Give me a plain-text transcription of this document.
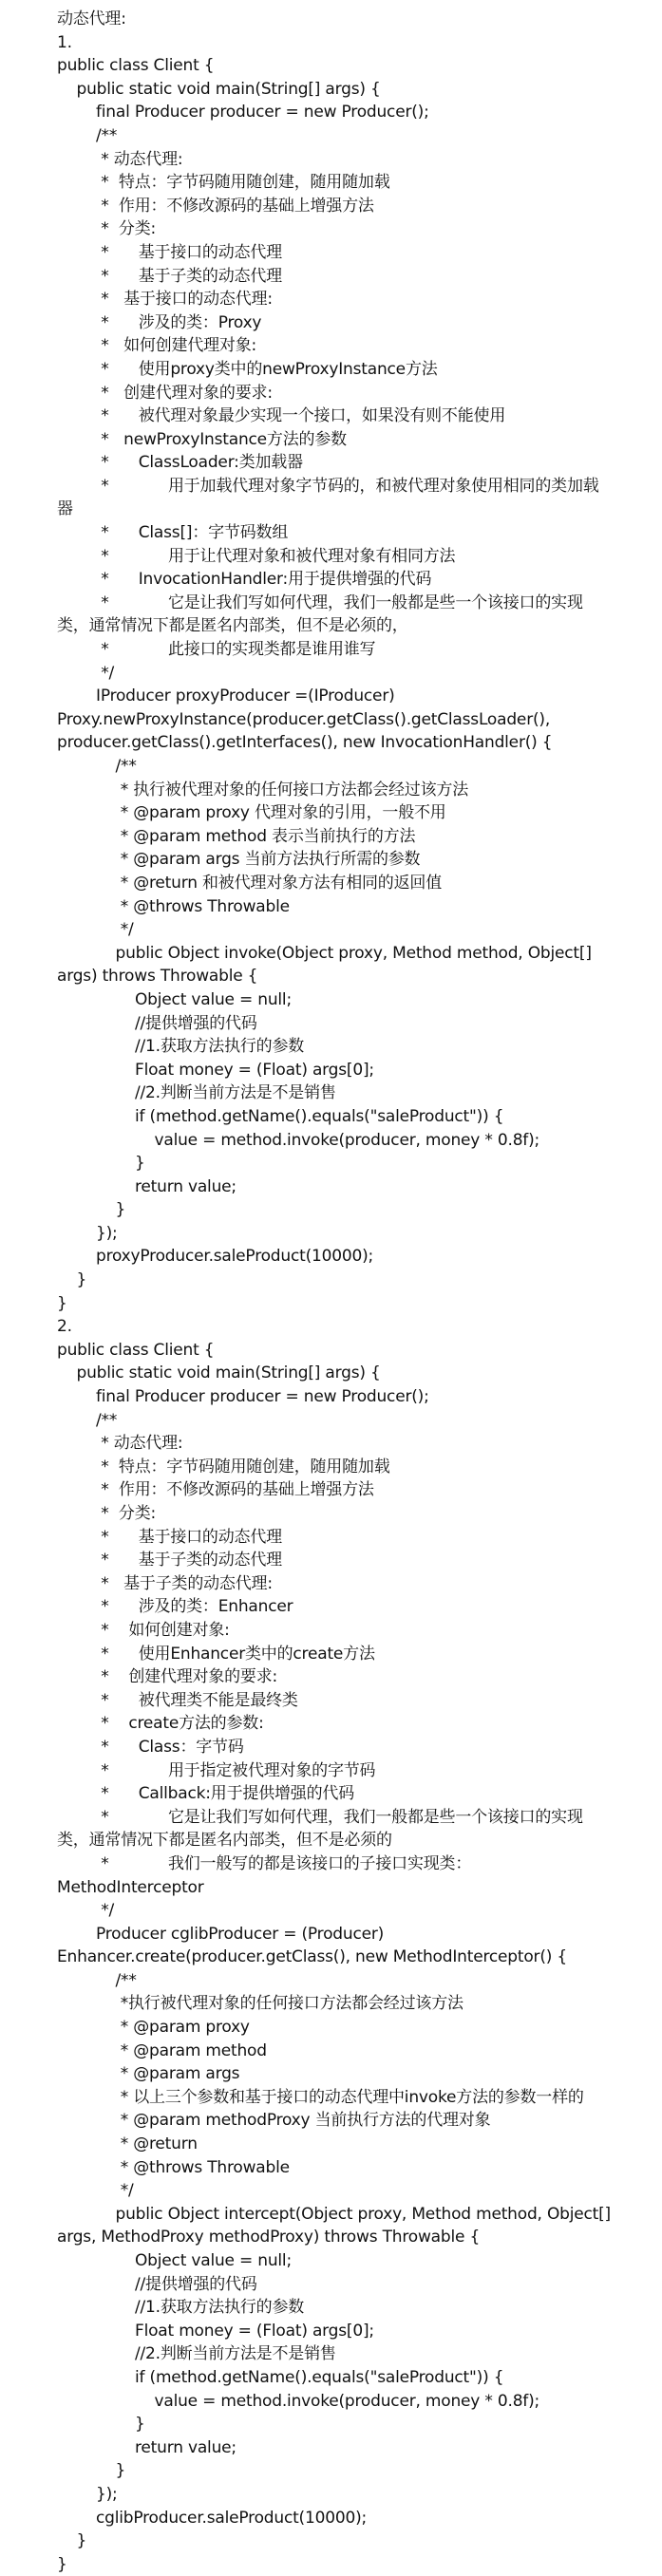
动态代理:
1.
public class Client {
public static void main(String[] args) {
final Producer producer = new Producer();
/**
* 动态代理:
*  特点：字节码随用随创建，随用随加载
*  作用：不修改源码的基础上增强方法
*  分类:
*      基于接口的动态代理
*      基于子类的动态代理
*   基于接口的动态代理:
*      涉及的类：Proxy
*   如何创建代理对象:
*      使用proxy类中的newProxyInstance方法
*   创建代理对象的要求:
*      被代理对象最少实现一个接口，如果没有则不能使用
*   newProxyInstance方法的参数
*      ClassLoader:类加载器
*            用于加载代理对象字节码的，和被代理对象使用相同的类加载
器
*      Class[]：字节码数组
*            用于让代理对象和被代理对象有相同方法
*      InvocationHandler:用于提供增强的代码
*            它是让我们写如何代理，我们一般都是些一个该接口的实现
类，通常情况下都是匿名内部类，但不是必须的，
*            此接口的实现类都是谁用谁写
*/
IProducer proxyProducer =(IProducer)
Proxy.newProxyInstance(producer.getClass().getClassLoader(),
producer.getClass().getInterfaces(), new InvocationHandler() {
/**
* 执行被代理对象的任何接口方法都会经过该方法
* @param proxy 代理对象的引用，一般不用
* @param method 表示当前执行的方法
* @param args 当前方法执行所需的参数
* @return 和被代理对象方法有相同的返回值
* @throws Throwable
*/
public Object invoke(Object proxy, Method method, Object[]
args) throws Throwable {
Object value = null;
//提供增强的代码
//1.获取方法执行的参数
Float money = (Float) args[0];
//2.判断当前方法是不是销售
if (method.getName().equals("saleProduct")) {
value = method.invoke(producer, money * 0.8f);
}
return value;
}
});
proxyProducer.saleProduct(10000);
}
}
2.
public class Client {
public static void main(String[] args) {
final Producer producer = new Producer();
/**
* 动态代理:
*  特点：字节码随用随创建，随用随加载
*  作用：不修改源码的基础上增强方法
*  分类:
*      基于接口的动态代理
*      基于子类的动态代理
*   基于子类的动态代理:
*      涉及的类：Enhancer
*    如何创建对象:
*      使用Enhancer类中的create方法
*    创建代理对象的要求:
*      被代理类不能是最终类
*    create方法的参数:
*      Class：字节码
*            用于指定被代理对象的字节码
*      Callback:用于提供增强的代码
*            它是让我们写如何代理，我们一般都是些一个该接口的实现
类，通常情况下都是匿名内部类，但不是必须的
*            我们一般写的都是该接口的子接口实现类：
MethodInterceptor
*/
Producer cglibProducer = (Producer)
Enhancer.create(producer.getClass(), new MethodInterceptor() {
/**
*执行被代理对象的任何接口方法都会经过该方法
* @param proxy
* @param method
* @param args
* 以上三个参数和基于接口的动态代理中invoke方法的参数一样的
* @param methodProxy 当前执行方法的代理对象
* @return
* @throws Throwable
*/
public Object intercept(Object proxy, Method method, Object[]
args, MethodProxy methodProxy) throws Throwable {
Object value = null;
//提供增强的代码
//1.获取方法执行的参数
Float money = (Float) args[0];
//2.判断当前方法是不是销售
if (method.getName().equals("saleProduct")) {
value = method.invoke(producer, money * 0.8f);
}
return value;
}
});
cglibProducer.saleProduct(10000);
}
}
